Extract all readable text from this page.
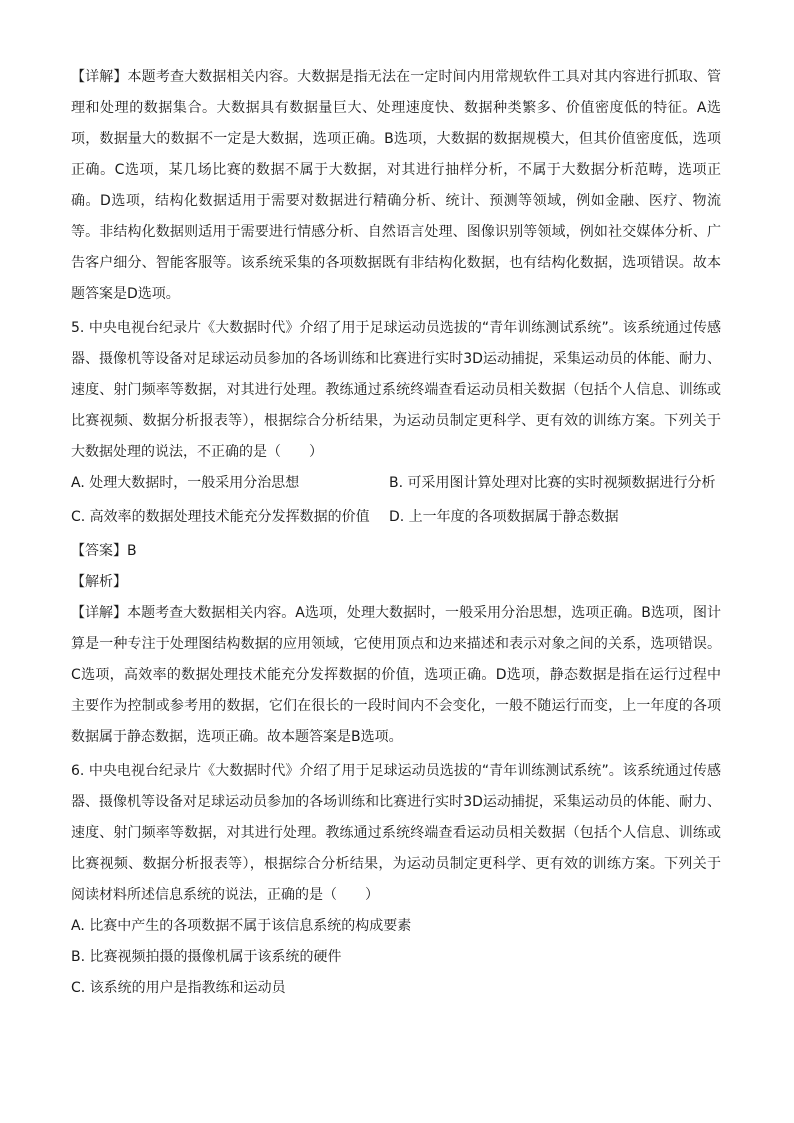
【详解】本题考查大数据相关内容。大数据是指无法在一定时间内用常规软件工具对其内容进行抓取、管理和处理的数据集合。大数据具有数据量巨大、处理速度快、数据种类繁多、价值密度低的特征。A选项，数据量大的数据不一定是大数据，选项正确。B选项，大数据的数据规模大，但其价值密度低，选项正确。C选项，某几场比赛的数据不属于大数据，对其进行抽样分析，不属于大数据分析范畴，选项正确。D选项，结构化数据适用于需要对数据进行精确分析、统计、预测等领域，例如金融、医疗、物流等。非结构化数据则适用于需要进行情感分析、自然语言处理、图像识别等领域，例如社交媒体分析、广告客户细分、智能客服等。该系统采集的各项数据既有非结构化数据，也有结构化数据，选项错误。故本题答案是D选项。

5. 中央电视台纪录片《大数据时代》介绍了用于足球运动员选拔的“青年训练测试系统”。该系统通过传感器、摄像机等设备对足球运动员参加的各场训练和比赛进行实时3D运动捕捉，采集运动员的体能、耐力、速度、射门频率等数据，对其进行处理。教练通过系统终端查看运动员相关数据（包括个人信息、训练或比赛视频、数据分析报表等），根据综合分析结果，为运动员制定更科学、更有效的训练方案。下列关于大数据处理的说法，不正确的是（　　）

A. 处理大数据时，一般采用分治思想	B. 可采用图计算处理对比赛的实时视频数据进行分析
C. 高效率的数据处理技术能充分发挥数据的价值 D. 上一年度的各项数据属于静态数据

【答案】B

【解析】

【详解】本题考查大数据相关内容。A选项，处理大数据时，一般采用分治思想，选项正确。B选项，图计算是一种专注于处理图结构数据的应用领域，它使用顶点和边来描述和表示对象之间的关系，选项错误。C选项，高效率的数据处理技术能充分发挥数据的价值，选项正确。D选项，静态数据是指在运行过程中主要作为控制或参考用的数据，它们在很长的一段时间内不会变化，一般不随运行而变，上一年度的各项数据属于静态数据，选项正确。故本题答案是B选项。

6. 中央电视台纪录片《大数据时代》介绍了用于足球运动员选拔的“青年训练测试系统”。该系统通过传感器、摄像机等设备对足球运动员参加的各场训练和比赛进行实时3D运动捕捉，采集运动员的体能、耐力、速度、射门频率等数据，对其进行处理。教练通过系统终端查看运动员相关数据（包括个人信息、训练或比赛视频、数据分析报表等），根据综合分析结果，为运动员制定更科学、更有效的训练方案。下列关于阅读材料所述信息系统的说法，正确的是（　　）

A. 比赛中产生的各项数据不属于该信息系统的构成要素

B. 比赛视频拍摄的摄像机属于该系统的硬件

C. 该系统的用户是指教练和运动员
